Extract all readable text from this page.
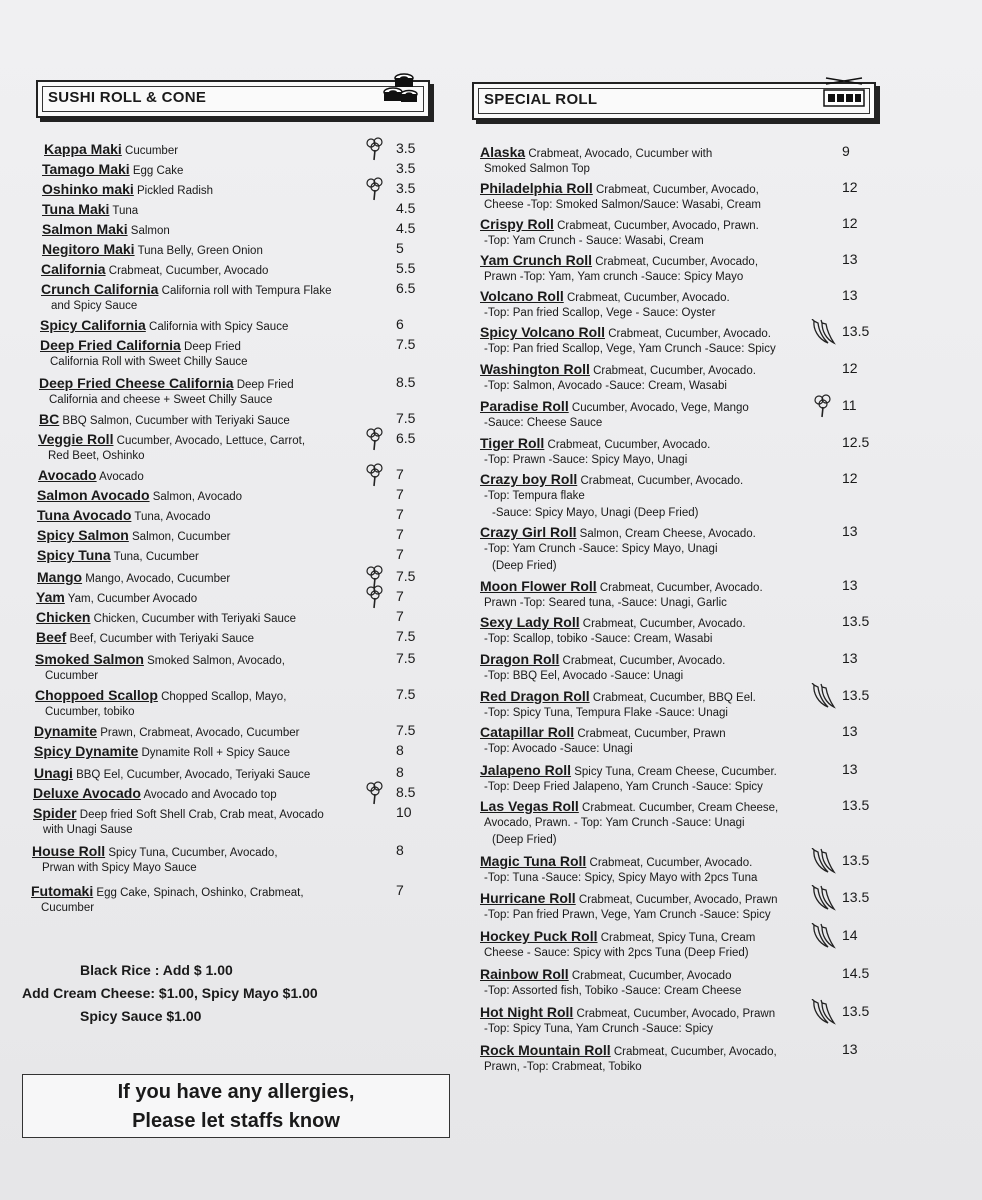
SUSHI ROLL & CONE	SPECIAL ROLL
Kappa Maki Cucumber	3.5
Tamago Maki Egg Cake	3.5
Oshinko maki Pickled Radish	3.5
Tuna Maki Tuna	4.5
Salmon Maki Salmon	4.5
Negitoro Maki Tuna Belly, Green Onion	5
California Crabmeat, Cucumber, Avocado	5.5
Crunch California California roll with Tempura Flake
and Spicy Sauce
6.5
Spicy California California with Spicy Sauce	6
Deep Fried California Deep Fried
California Roll with Sweet Chilly Sauce
7.5
Deep Fried Cheese California Deep Fried
California and cheese + Sweet Chilly Sauce
8.5
BC BBQ Salmon, Cucumber with Teriyaki Sauce	7.5
Veggie Roll Cucumber, Avocado, Lettuce, Carrot,
Red Beet, Oshinko
6.5
Avocado Avocado	7
Salmon Avocado Salmon, Avocado	7
Tuna Avocado Tuna, Avocado	7
Spicy Salmon Salmon, Cucumber	7
Spicy Tuna Tuna, Cucumber	7
Mango Mango, Avocado, Cucumber	7.5
Yam Yam, Cucumber Avocado	7
Chicken Chicken, Cucumber with Teriyaki Sauce	7
Beef Beef, Cucumber with Teriyaki Sauce	7.5
Smoked Salmon Smoked Salmon, Avocado,
Cucumber
7.5
Choppoed Scallop Chopped Scallop, Mayo,
Cucumber, tobiko
7.5
Dynamite Prawn, Crabmeat, Avocado, Cucumber	7.5
Spicy Dynamite Dynamite Roll + Spicy Sauce	8
Unagi BBQ Eel, Cucumber, Avocado, Teriyaki Sauce	8
Deluxe Avocado Avocado and Avocado top	8.5
Spider Deep fried Soft Shell Crab, Crab meat, Avocado
with Unagi Sause
10
House Roll Spicy Tuna, Cucumber, Avocado,
Prwan with Spicy Mayo Sauce
8
Futomaki Egg Cake, Spinach, Oshinko, Crabmeat,
Cucumber
7
Alaska Crabmeat, Avocado, Cucumber with
Smoked Salmon Top
9
Philadelphia Roll Crabmeat, Cucumber, Avocado,
Cheese -Top: Smoked Salmon/Sauce: Wasabi, Cream
12
Crispy Roll Crabmeat, Cucumber, Avocado, Prawn.
-Top: Yam Crunch - Sauce: Wasabi, Cream
12
Yam Crunch Roll Crabmeat, Cucumber, Avocado,
Prawn -Top: Yam, Yam crunch -Sauce: Spicy Mayo
13
Volcano Roll Crabmeat, Cucumber, Avocado.
-Top: Pan fried Scallop, Vege - Sauce: Oyster
13
Spicy Volcano Roll Crabmeat, Cucumber, Avocado.
-Top: Pan fried Scallop, Vege, Yam Crunch -Sauce: Spicy
13.5
Washington Roll Crabmeat, Cucumber, Avocado.
-Top: Salmon, Avocado -Sauce: Cream, Wasabi
12
Paradise Roll Cucumber, Avocado, Vege, Mango
-Sauce: Cheese Sauce
11
Tiger Roll Crabmeat, Cucumber, Avocado.
-Top: Prawn -Sauce: Spicy Mayo, Unagi
12.5
Crazy boy Roll Crabmeat, Cucumber, Avocado.
-Top: Tempura flake
-Sauce: Spicy Mayo, Unagi (Deep Fried)
12
Crazy Girl Roll Salmon, Cream Cheese, Avocado.
-Top: Yam Crunch -Sauce: Spicy Mayo, Unagi
(Deep Fried)
13
Moon Flower Roll Crabmeat, Cucumber, Avocado.
Prawn -Top: Seared tuna, -Sauce: Unagi, Garlic
13
Sexy Lady Roll Crabmeat, Cucumber, Avocado.
-Top: Scallop, tobiko -Sauce: Cream, Wasabi
13.5
Dragon Roll Crabmeat, Cucumber, Avocado.
-Top: BBQ Eel, Avocado -Sauce: Unagi
13
Red Dragon Roll Crabmeat, Cucumber, BBQ Eel.
-Top: Spicy Tuna, Tempura Flake -Sauce: Unagi
13.5
Catapillar Roll Crabmeat, Cucumber, Prawn
-Top: Avocado -Sauce: Unagi
13
Jalapeno Roll Spicy Tuna, Cream Cheese, Cucumber.
-Top: Deep Fried Jalapeno, Yam Crunch -Sauce: Spicy
13
Las Vegas Roll Crabmeat. Cucumber, Cream Cheese,
Avocado, Prawn. - Top: Yam Crunch -Sauce: Unagi
(Deep Fried)
13.5
Magic Tuna Roll Crabmeat, Cucumber, Avocado.
-Top: Tuna -Sauce: Spicy, Spicy Mayo with 2pcs Tuna
13.5
Hurricane Roll Crabmeat, Cucumber, Avocado, Prawn
-Top: Pan fried Prawn, Vege, Yam Crunch -Sauce: Spicy
13.5
Hockey Puck Roll Crabmeat, Spicy Tuna, Cream
Cheese - Sauce: Spicy with 2pcs Tuna (Deep Fried)
14
Rainbow Roll Crabmeat, Cucumber, Avocado
-Top: Assorted fish, Tobiko -Sauce: Cream Cheese
14.5
Hot Night Roll Crabmeat, Cucumber, Avocado, Prawn
-Top: Spicy Tuna, Yam Crunch -Sauce: Spicy
13.5
Rock Mountain Roll Crabmeat, Cucumber, Avocado,
Prawn, -Top: Crabmeat, Tobiko
13
Black Rice : Add $ 1.00
Add Cream Cheese: $1.00, Spicy Mayo $1.00
Spicy Sauce $1.00
If you have any allergies,
Please let staffs know
